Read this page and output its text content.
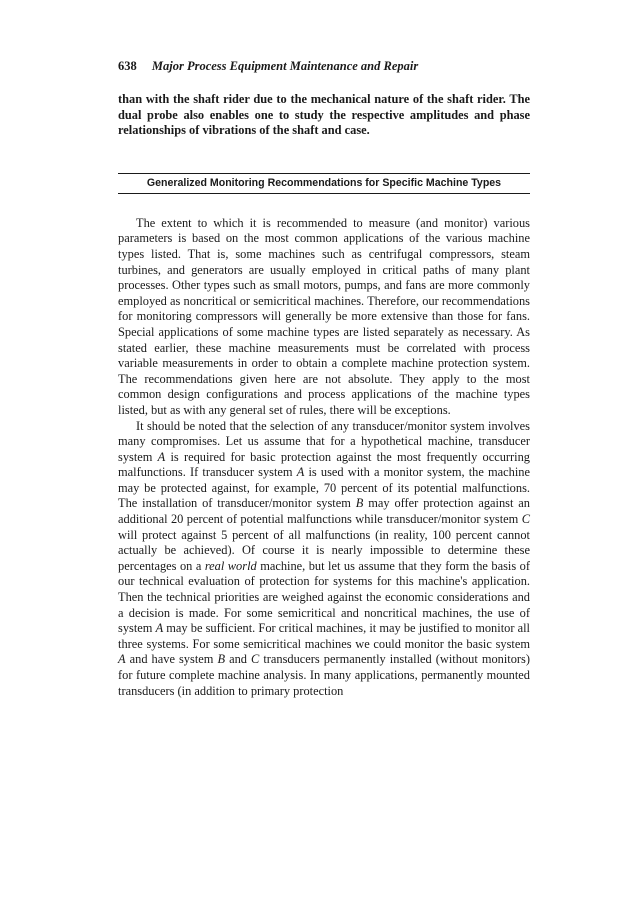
638 Major Process Equipment Maintenance and Repair

than with the shaft rider due to the mechanical nature of the shaft rider. The dual probe also enables one to study the respective amplitudes and phase relationships of vibrations of the shaft and case.

Generalized Monitoring Recommendations for Specific Machine Types

The extent to which it is recommended to measure (and monitor) various parameters is based on the most common applications of the various machine types listed. That is, some machines such as centrifugal compressors, steam turbines, and generators are usually employed in critical paths of many plant processes. Other types such as small motors, pumps, and fans are more commonly employed as noncritical or semicritical machines. Therefore, our recommendations for monitoring compressors will generally be more extensive than those for fans. Special applications of some machine types are listed separately as necessary. As stated earlier, these machine measurements must be correlated with process variable measurements in order to obtain a complete machine protection system. The recommendations given here are not absolute. They apply to the most common design configurations and process applications of the machine types listed, but as with any general set of rules, there will be exceptions.

It should be noted that the selection of any transducer/monitor system involves many compromises. Let us assume that for a hypothetical machine, transducer system A is required for basic protection against the most frequently occurring malfunctions. If transducer system A is used with a monitor system, the machine may be protected against, for example, 70 percent of its potential malfunctions. The installation of transducer/monitor system B may offer protection against an additional 20 percent of potential malfunctions while transducer/monitor system C will protect against 5 percent of all malfunctions (in reality, 100 percent cannot actually be achieved). Of course it is nearly impossible to determine these percentages on a real world machine, but let us assume that they form the basis of our technical evaluation of protection for systems for this machine's application. Then the technical priorities are weighed against the economic considerations and a decision is made. For some semicritical and noncritical machines, the use of system A may be sufficient. For critical machines, it may be justified to monitor all three systems. For some semicritical machines we could monitor the basic system A and have system B and C transducers permanently installed (without monitors) for future complete machine analysis. In many applications, permanently mounted transducers (in addition to primary protection
